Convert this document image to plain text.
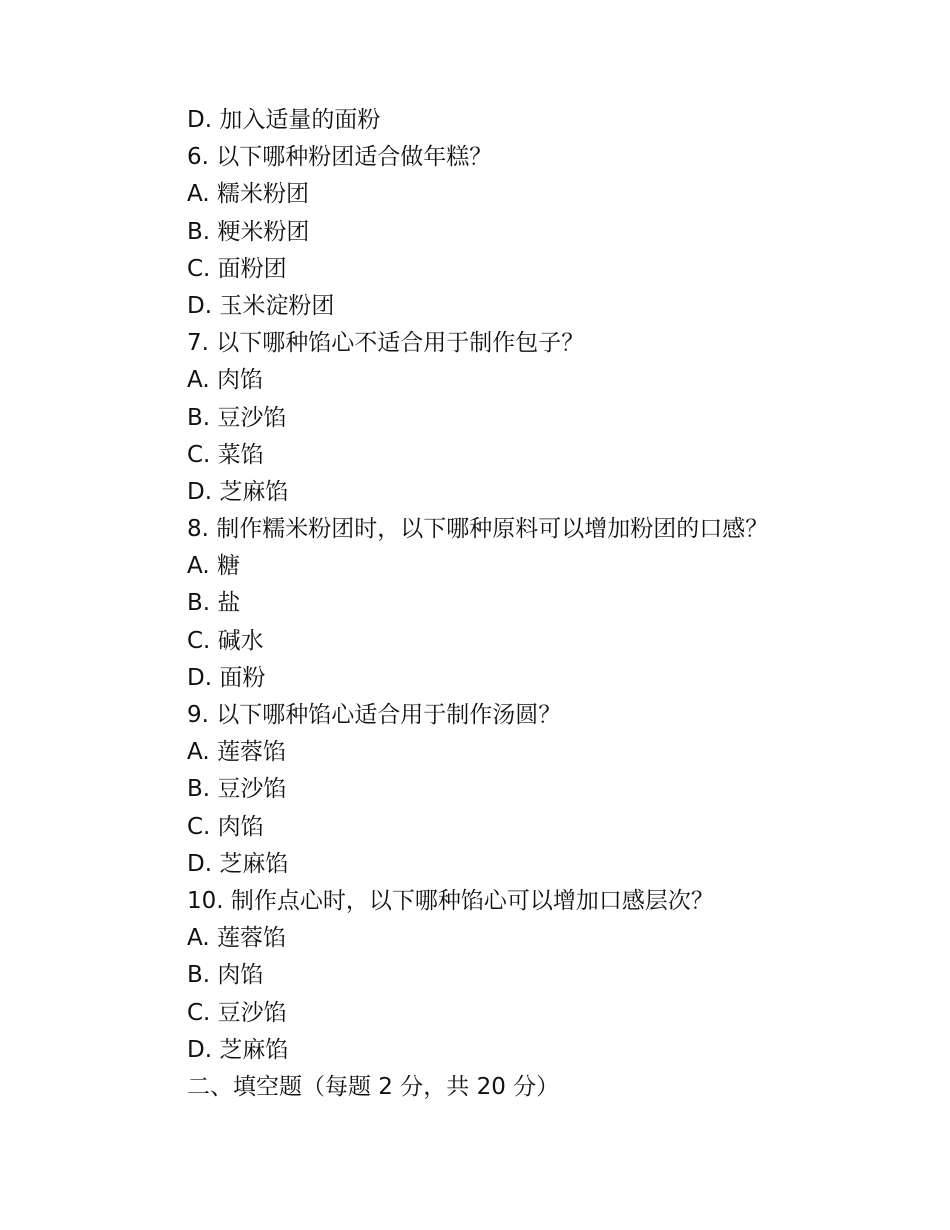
D. 加入适量的面粉
6. 以下哪种粉团适合做年糕？
A. 糯米粉团
B. 粳米粉团
C. 面粉团
D. 玉米淀粉团
7. 以下哪种馅心不适合用于制作包子？
A. 肉馅
B. 豆沙馅
C. 菜馅
D. 芝麻馅
8. 制作糯米粉团时，以下哪种原料可以增加粉团的口感？
A. 糖
B. 盐
C. 碱水
D. 面粉
9. 以下哪种馅心适合用于制作汤圆？
A. 莲蓉馅
B. 豆沙馅
C. 肉馅
D. 芝麻馅
10. 制作点心时，以下哪种馅心可以增加口感层次？
A. 莲蓉馅
B. 肉馅
C. 豆沙馅
D. 芝麻馅
二、填空题（每题 2 分，共 20 分）
